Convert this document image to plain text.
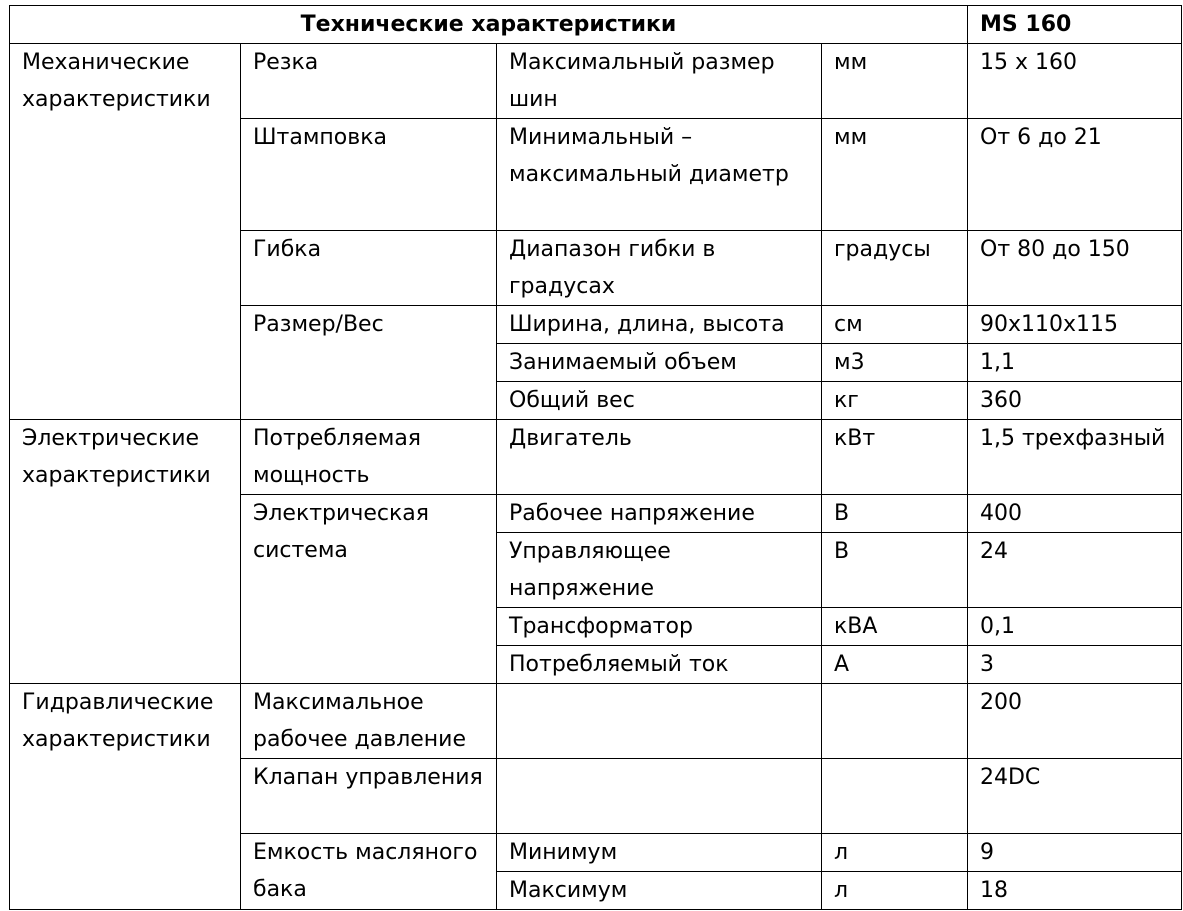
Технические характеристики				MS 160
Механические характеристики	Резка	Максимальный размер шин	мм	15 х 160
	Штамповка	Минимальный – максимальный диаметр	мм	От 6 до 21
	Гибка	Диапазон гибки в градусах	градусы	От 80 до 150
	Размер/Вес	Ширина, длина, высота	см	90x110x115
		Занимаемый объем	м3	1,1
		Общий вес	кг	360
Электрические характеристики	Потребляемая мощность	Двигатель	кВт	1,5 трехфазный
	Электрическая система	Рабочее напряжение	В	400
		Управляющее напряжение	В	24
		Трансформатор	кВА	0,1
		Потребляемый ток	А	3
Гидравлические характеристики	Максимальное рабочее давление			200
	Клапан управления			24DC
	Емкость масляного бака	Минимум	л	9
		Максимум	л	18
